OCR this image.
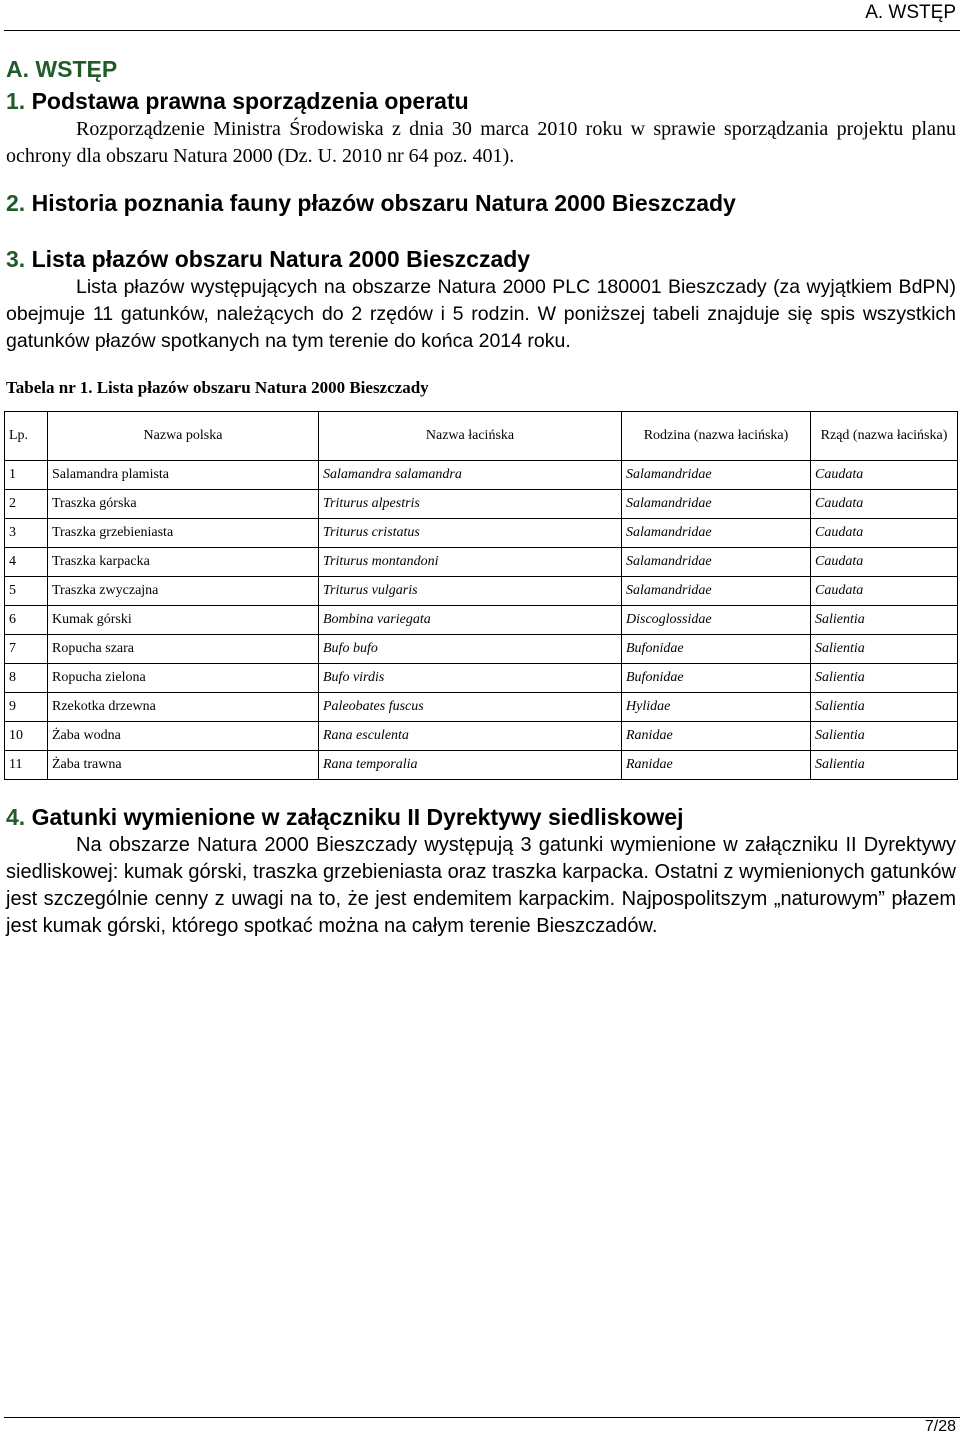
A. WSTĘP
A. WSTĘP
1. Podstawa prawna sporządzenia operatu

Rozporządzenie Ministra Środowiska z dnia 30 marca 2010 roku w sprawie sporządzania projektu planu ochrony dla obszaru Natura 2000 (Dz. U. 2010 nr 64 poz. 401).

2. Historia poznania fauny płazów obszaru Natura 2000 Bieszczady
3. Lista płazów obszaru Natura 2000 Bieszczady

Lista płazów występujących na obszarze Natura 2000 PLC 180001 Bieszczady (za wyjątkiem BdPN) obejmuje 11 gatunków, należących do 2 rzędów i 5 rodzin. W poniższej tabeli znajduje się spis wszystkich gatunków płazów spotkanych na tym terenie do końca 2014 roku.

Tabela nr 1. Lista płazów obszaru Natura 2000 Bieszczady

Lp.	Nazwa polska	Nazwa łacińska	Rodzina (nazwa łacińska)	Rząd (nazwa łacińska)
1	Salamandra plamista	Salamandra salamandra	Salamandridae	Caudata
2	Traszka górska	Triturus alpestris	Salamandridae	Caudata
3	Traszka grzebieniasta	Triturus cristatus	Salamandridae	Caudata
4	Traszka karpacka	Triturus montandoni	Salamandridae	Caudata
5	Traszka zwyczajna	Triturus vulgaris	Salamandridae	Caudata
6	Kumak górski	Bombina variegata	Discoglossidae	Salientia
7	Ropucha szara	Bufo bufo	Bufonidae	Salientia
8	Ropucha zielona	Bufo virdis	Bufonidae	Salientia
9	Rzekotka drzewna	Paleobates fuscus	Hylidae	Salientia
10	Żaba wodna	Rana esculenta	Ranidae	Salientia
11	Żaba trawna	Rana temporalia	Ranidae	Salientia
4. Gatunki wymienione w załączniku II Dyrektywy siedliskowej

Na obszarze Natura 2000 Bieszczady występują 3 gatunki wymienione w załączniku II Dyrektywy siedliskowej: kumak górski, traszka grzebieniasta oraz traszka karpacka. Ostatni z wymienionych gatunków jest szczególnie cenny z uwagi na to, że jest endemitem karpackim. Najpospolitszym „naturowym” płazem jest kumak górski, którego spotkać można na całym terenie Bieszczadów.

7/28
